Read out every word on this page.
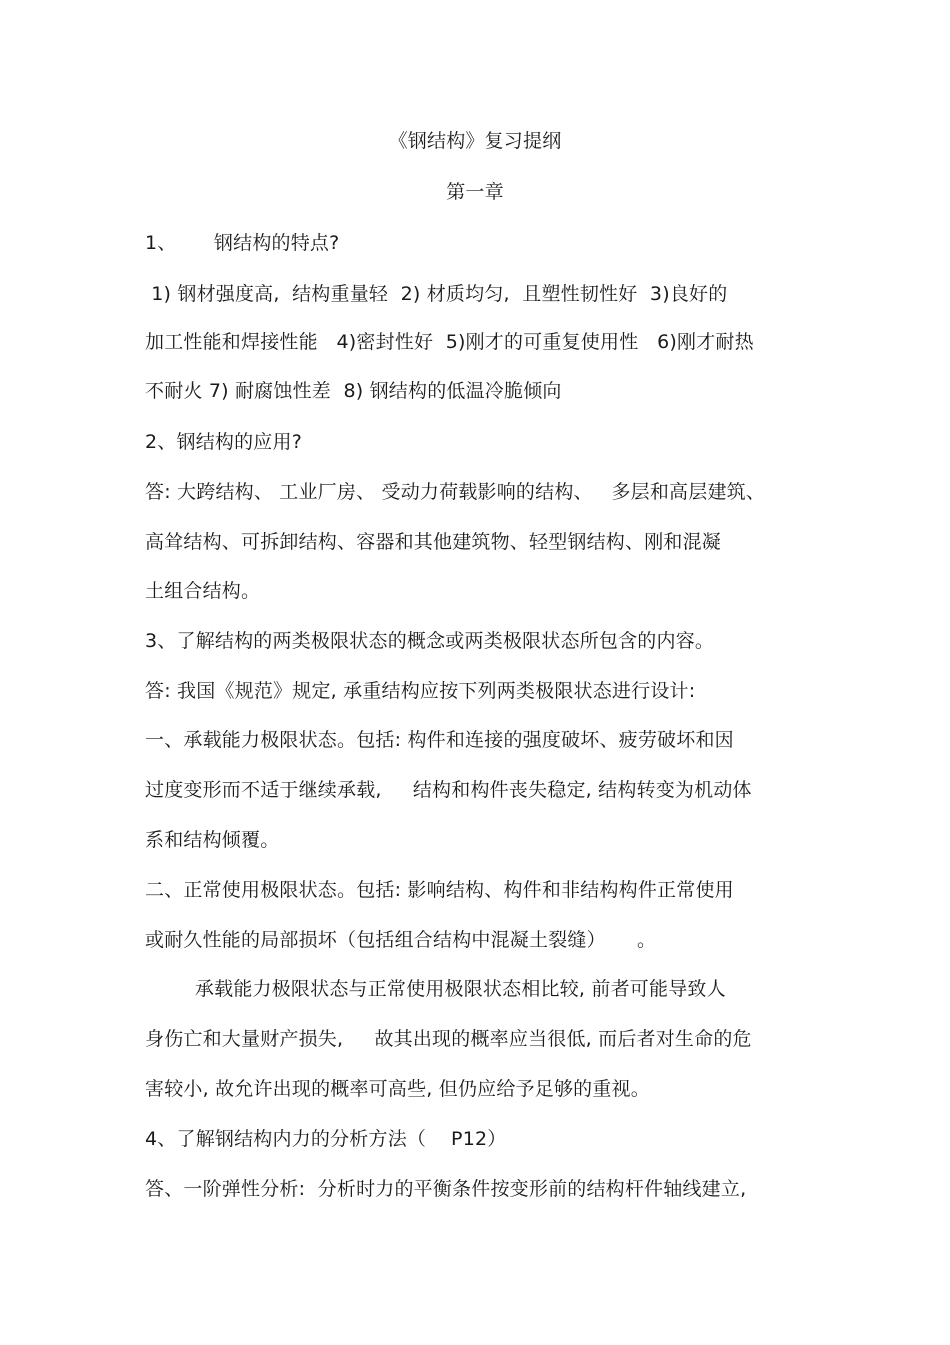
《钢结构》复习提纲
第一章
1、      钢结构的特点?
1) 钢材强度高,  结构重量轻  2) 材质均匀,  且塑性韧性好  3)良好的
加工性能和焊接性能   4)密封性好  5)刚才的可重复使用性   6)刚才耐热
不耐火 7) 耐腐蚀性差  8) 钢结构的低温冷脆倾向
2、钢结构的应用?
答: 大跨结构、 工业厂房、 受动力荷载影响的结构、   多层和高层建筑、
高耸结构、可拆卸结构、容器和其他建筑物、轻型钢结构、刚和混凝
土组合结构。
3、了解结构的两类极限状态的概念或两类极限状态所包含的内容。
答: 我国《规范》规定, 承重结构应按下列两类极限状态进行设计:
一、承载能力极限状态。包括: 构件和连接的强度破坏、疲劳破坏和因
过度变形而不适于继续承载,     结构和构件丧失稳定, 结构转变为机动体
系和结构倾覆。
二、正常使用极限状态。包括: 影响结构、构件和非结构构件正常使用
或耐久性能的局部损坏（包括组合结构中混凝土裂缝）     。
承载能力极限状态与正常使用极限状态相比较, 前者可能导致人
身伤亡和大量财产损失,     故其出现的概率应当很低, 而后者对生命的危
害较小, 故允许出现的概率可高些, 但仍应给予足够的重视。
4、了解钢结构内力的分析方法（    P12）
答、一阶弹性分析:  分析时力的平衡条件按变形前的结构杆件轴线建立,
